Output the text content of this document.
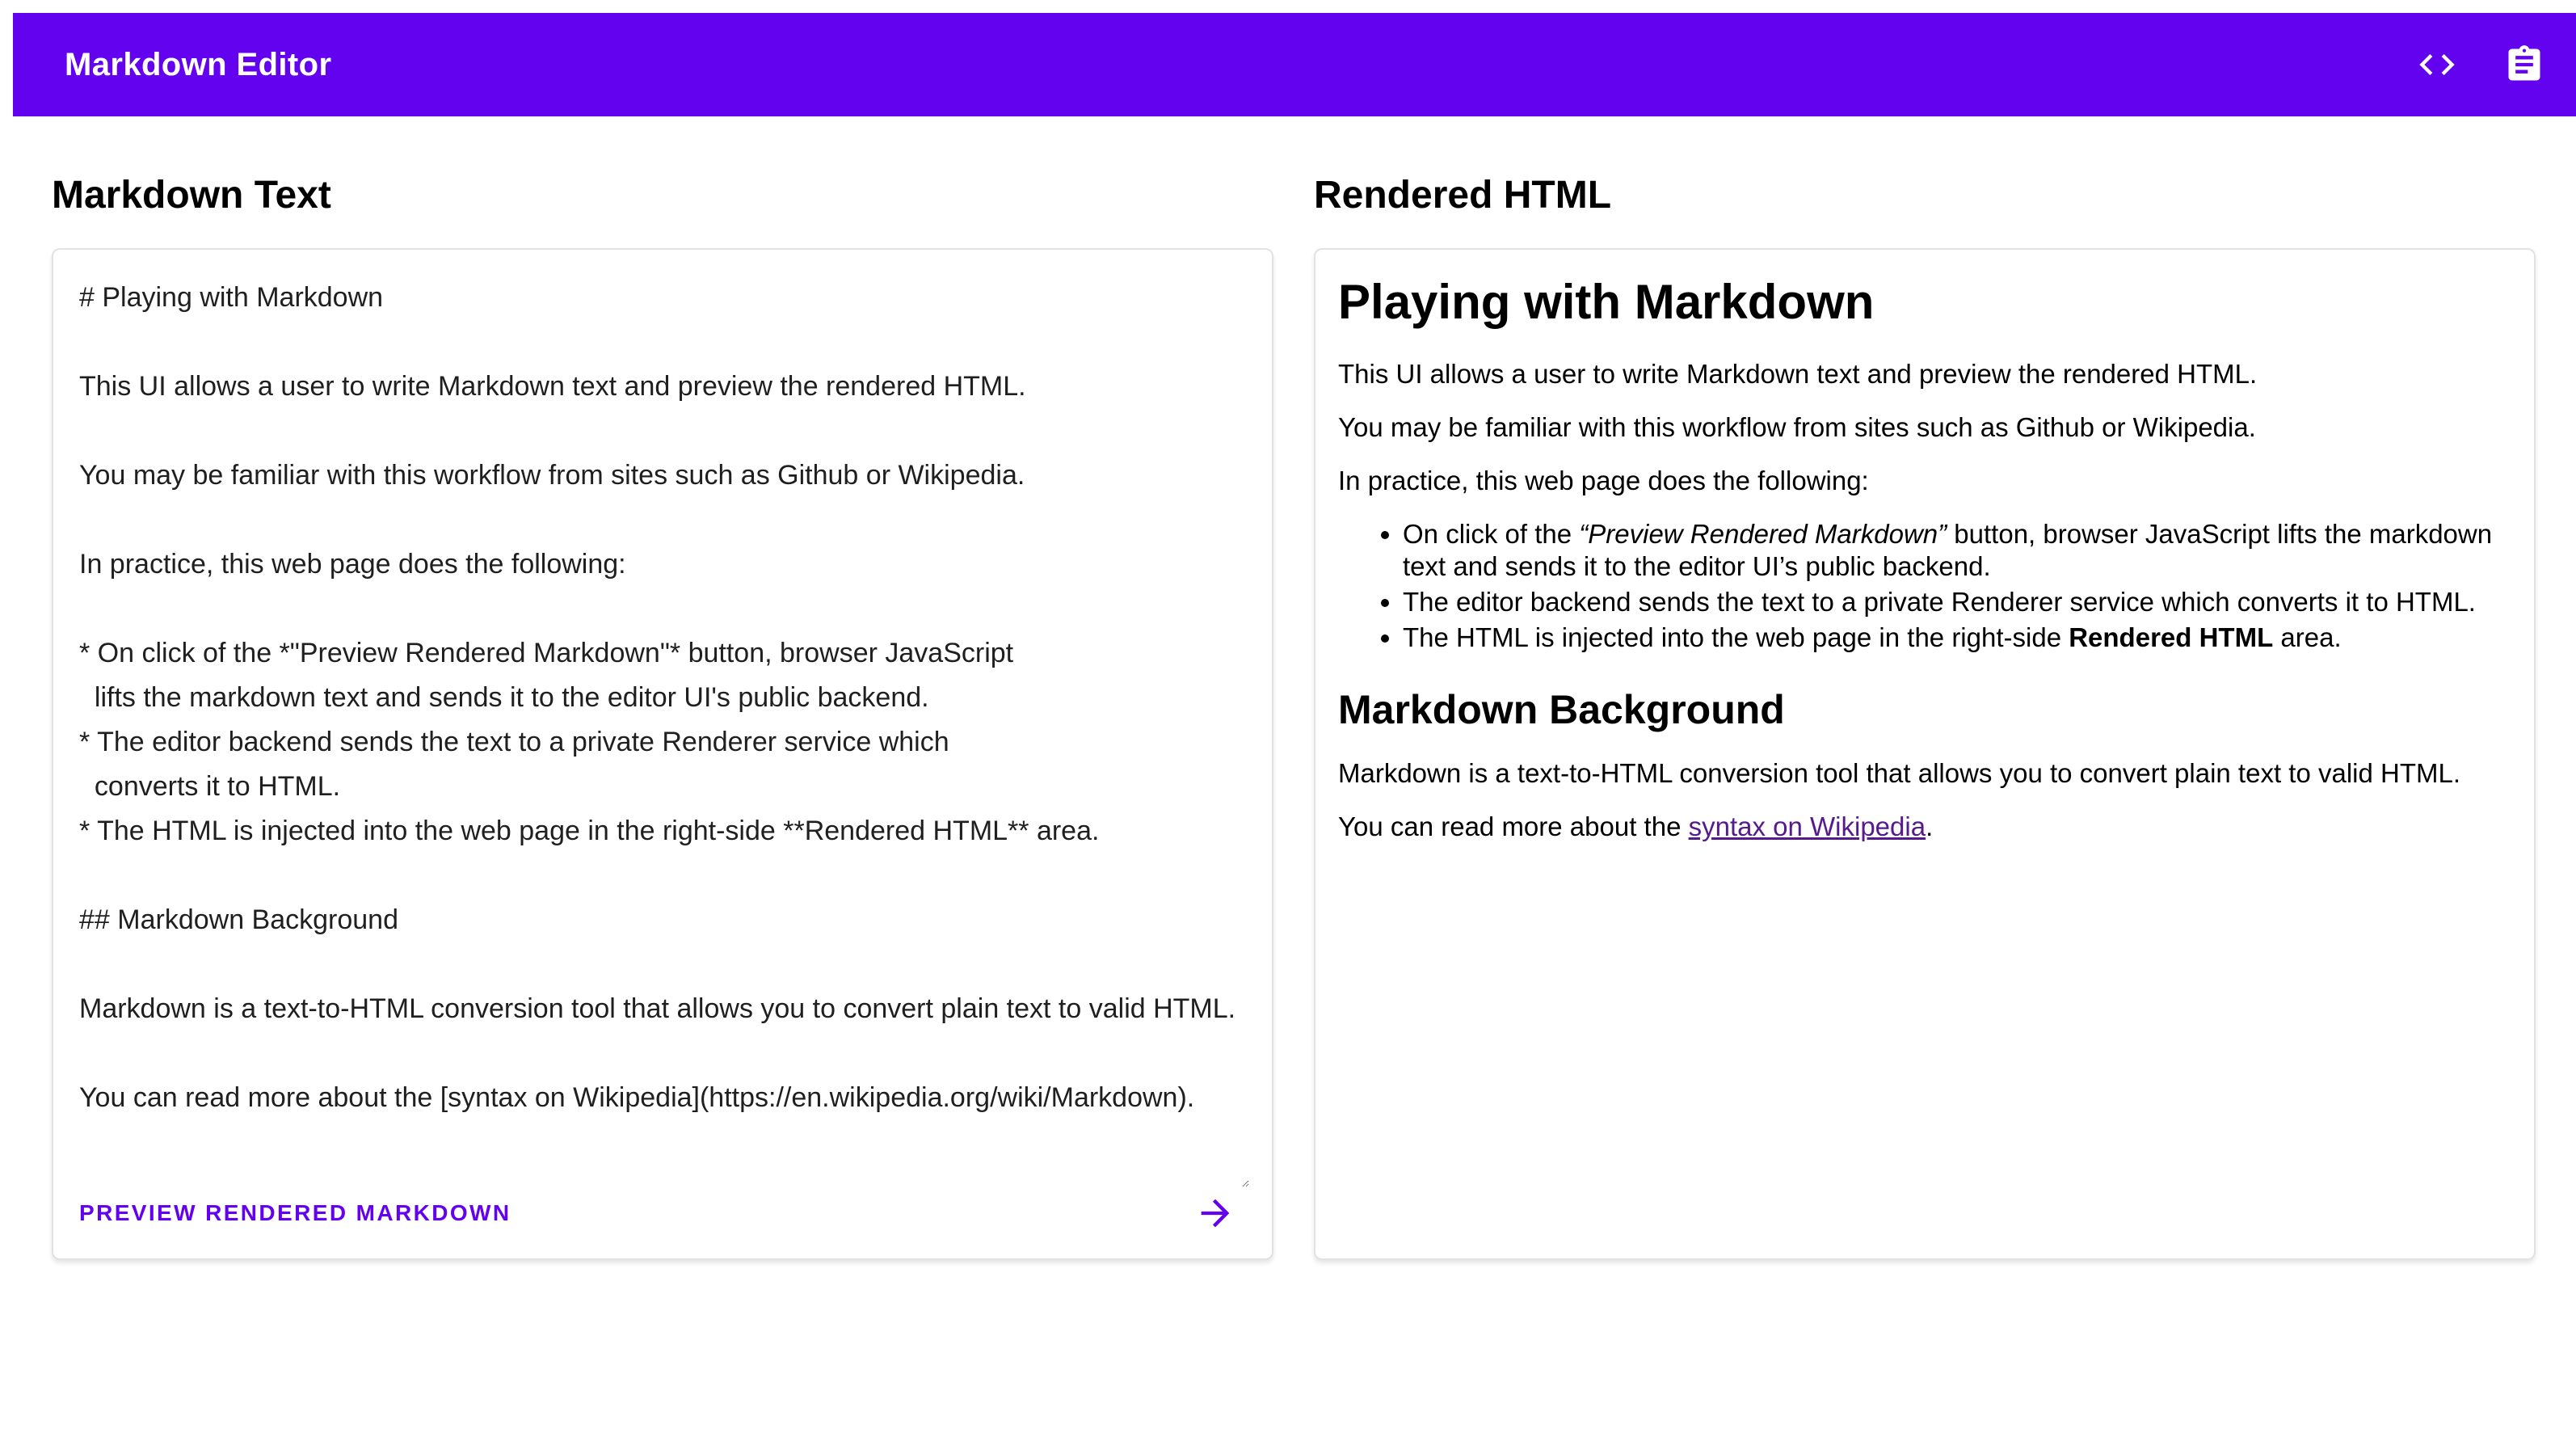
Markdown Editor
Markdown Text
# Playing with Markdown This UI allows a user to write Markdown text and preview the rendered HTML. You may be familiar with this workflow from sites such as Github or Wikipedia. In practice, this web page does the following: * On click of the *"Preview Rendered Markdown"* button, browser JavaScript lifts the markdown text and sends it to the editor UI's public backend. * The editor backend sends the text to a private Renderer service which converts it to HTML. * The HTML is injected into the web page in the right-side **Rendered HTML** area. ## Markdown Background Markdown is a text-to-HTML conversion tool that allows you to convert plain text to valid HTML. You can read more about the [syntax on Wikipedia](https://en.wikipedia.org/wiki/Markdown).
PREVIEW RENDERED MARKDOWN
Rendered HTML
Playing with Markdown

This UI allows a user to write Markdown text and preview the rendered HTML.

You may be familiar with this workflow from sites such as Github or Wikipedia.

In practice, this web page does the following:

• On click of the “Preview Rendered Markdown” button, browser JavaScript lifts the markdown text and sends it to the editor UI’s public backend.
• The editor backend sends the text to a private Renderer service which converts it to HTML.
• The HTML is injected into the web page in the right-side Rendered HTML area.
Markdown Background

Markdown is a text-to-HTML conversion tool that allows you to convert plain text to valid HTML.

You can read more about the syntax on Wikipedia.
